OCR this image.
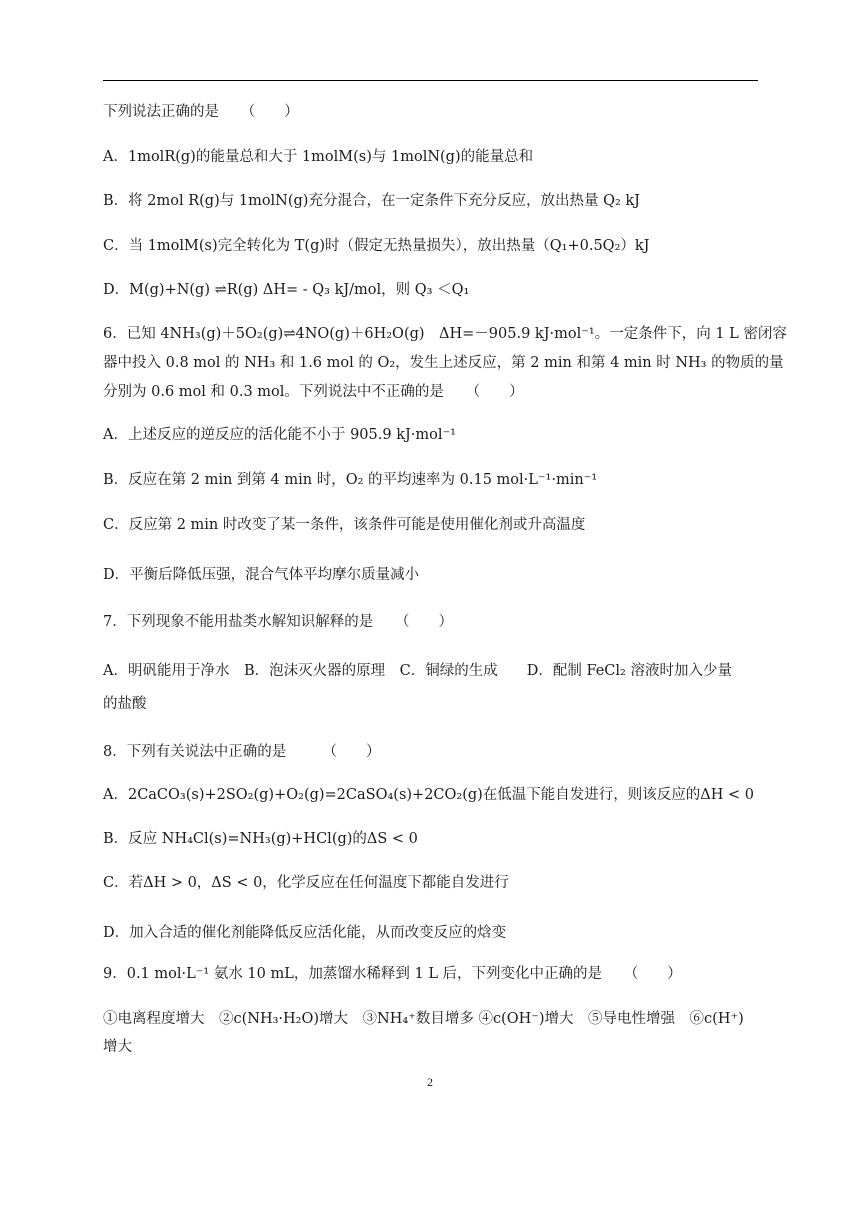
下列说法正确的是　　（　　）
A．1molR(g)的能量总和大于 1molM(s)与 1molN(g)的能量总和
B．将 2mol R(g)与 1molN(g)充分混合，在一定条件下充分反应，放出热量 Q₂ kJ
C．当 1molM(s)完全转化为 T(g)时（假定无热量损失），放出热量（Q₁+0.5Q₂）kJ
D．M(g)+N(g) ⇌R(g) ΔH= - Q₃ kJ/mol，则 Q₃ ＜Q₁
6．已知 4NH₃(g)＋5O₂(g)⇌4NO(g)＋6H₂O(g)　ΔH=－905.9 kJ·mol⁻¹。一定条件下，向 1 L 密闭容
器中投入 0.8 mol 的 NH₃ 和 1.6 mol 的 O₂，发生上述反应，第 2 min 和第 4 min 时 NH₃ 的物质的量
分别为 0.6 mol 和 0.3 mol。下列说法中不正确的是　　（　　）
A．上述反应的逆反应的活化能不小于 905.9 kJ·mol⁻¹
B．反应在第 2 min 到第 4 min 时，O₂ 的平均速率为 0.15 mol·L⁻¹·min⁻¹
C．反应第 2 min 时改变了某一条件，该条件可能是使用催化剂或升高温度
D．平衡后降低压强，混合气体平均摩尔质量减小
7．下列现象不能用盐类水解知识解释的是　　（　　）
A．明矾能用于净水　B．泡沫灭火器的原理　C．铜绿的生成　　D．配制 FeCl₂ 溶液时加入少量
的盐酸
8．下列有关说法中正确的是　　　（　　）
A．2CaCO₃(s)+2SO₂(g)+O₂(g)=2CaSO₄(s)+2CO₂(g)在低温下能自发进行，则该反应的ΔH < 0
B．反应 NH₄Cl(s)=NH₃(g)+HCl(g)的ΔS < 0
C．若ΔH > 0，ΔS < 0，化学反应在任何温度下都能自发进行
D．加入合适的催化剂能降低反应活化能，从而改变反应的焓变
9．0.1 mol·L⁻¹ 氨水 10 mL，加蒸馏水稀释到 1 L 后，下列变化中正确的是　　（　　）
①电离程度增大　②c(NH₃·H₂O)增大　③NH₄⁺数目增多 ④c(OH⁻)增大　⑤导电性增强　⑥c(H⁺)
增大
2
